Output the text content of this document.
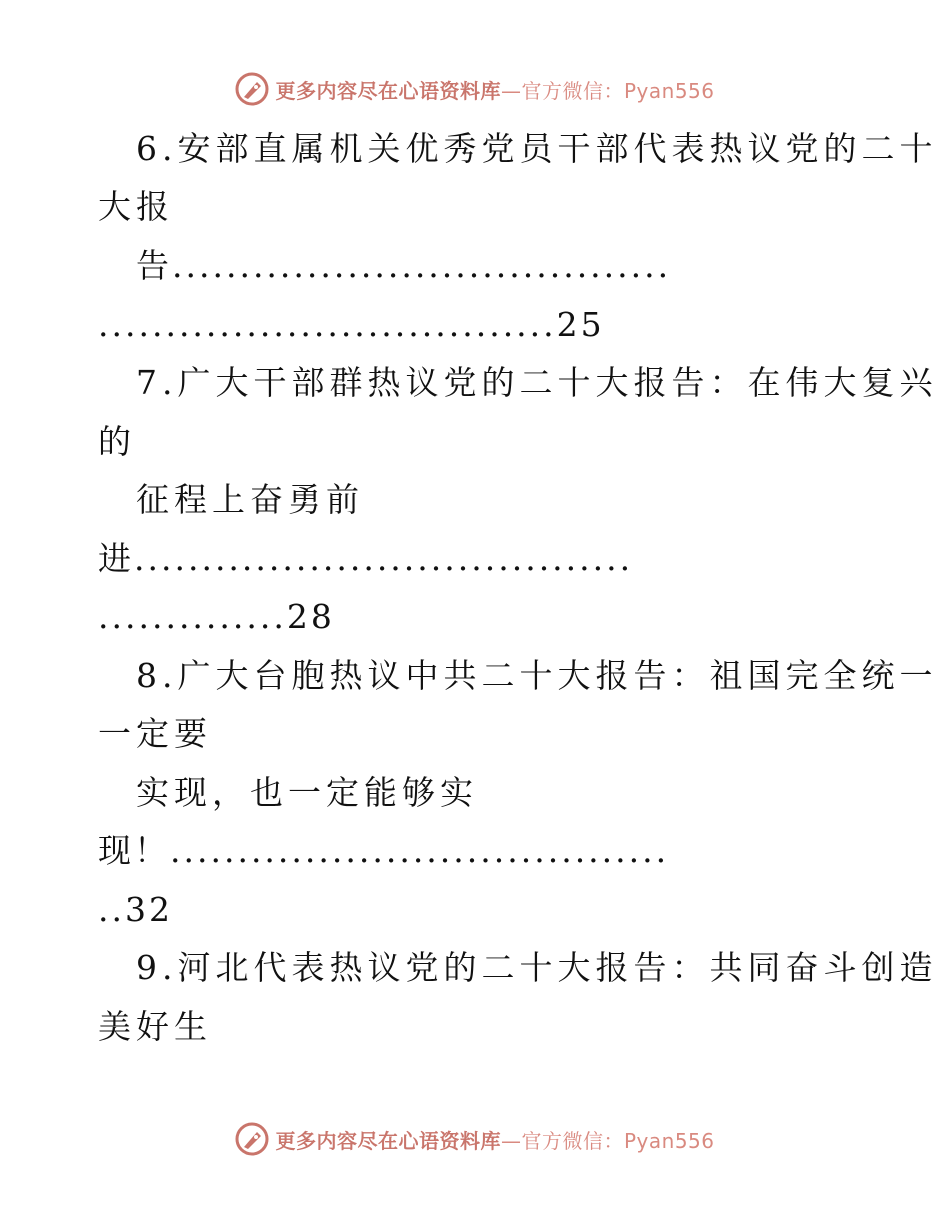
更多内容尽在心语资料库—官方微信：Pyan556
6.安部直属机关优秀党员干部代表热议党的二十
大报
告.....................................
..................................25
7.广大干部群热议党的二十大报告：在伟大复兴
的
征程上奋勇前
进.....................................
..............28
8.广大台胞热议中共二十大报告：祖国完全统一
一定要
实现，也一定能够实
现！.....................................
..32
9.河北代表热议党的二十大报告：共同奋斗创造
美好生
更多内容尽在心语资料库—官方微信：Pyan556
